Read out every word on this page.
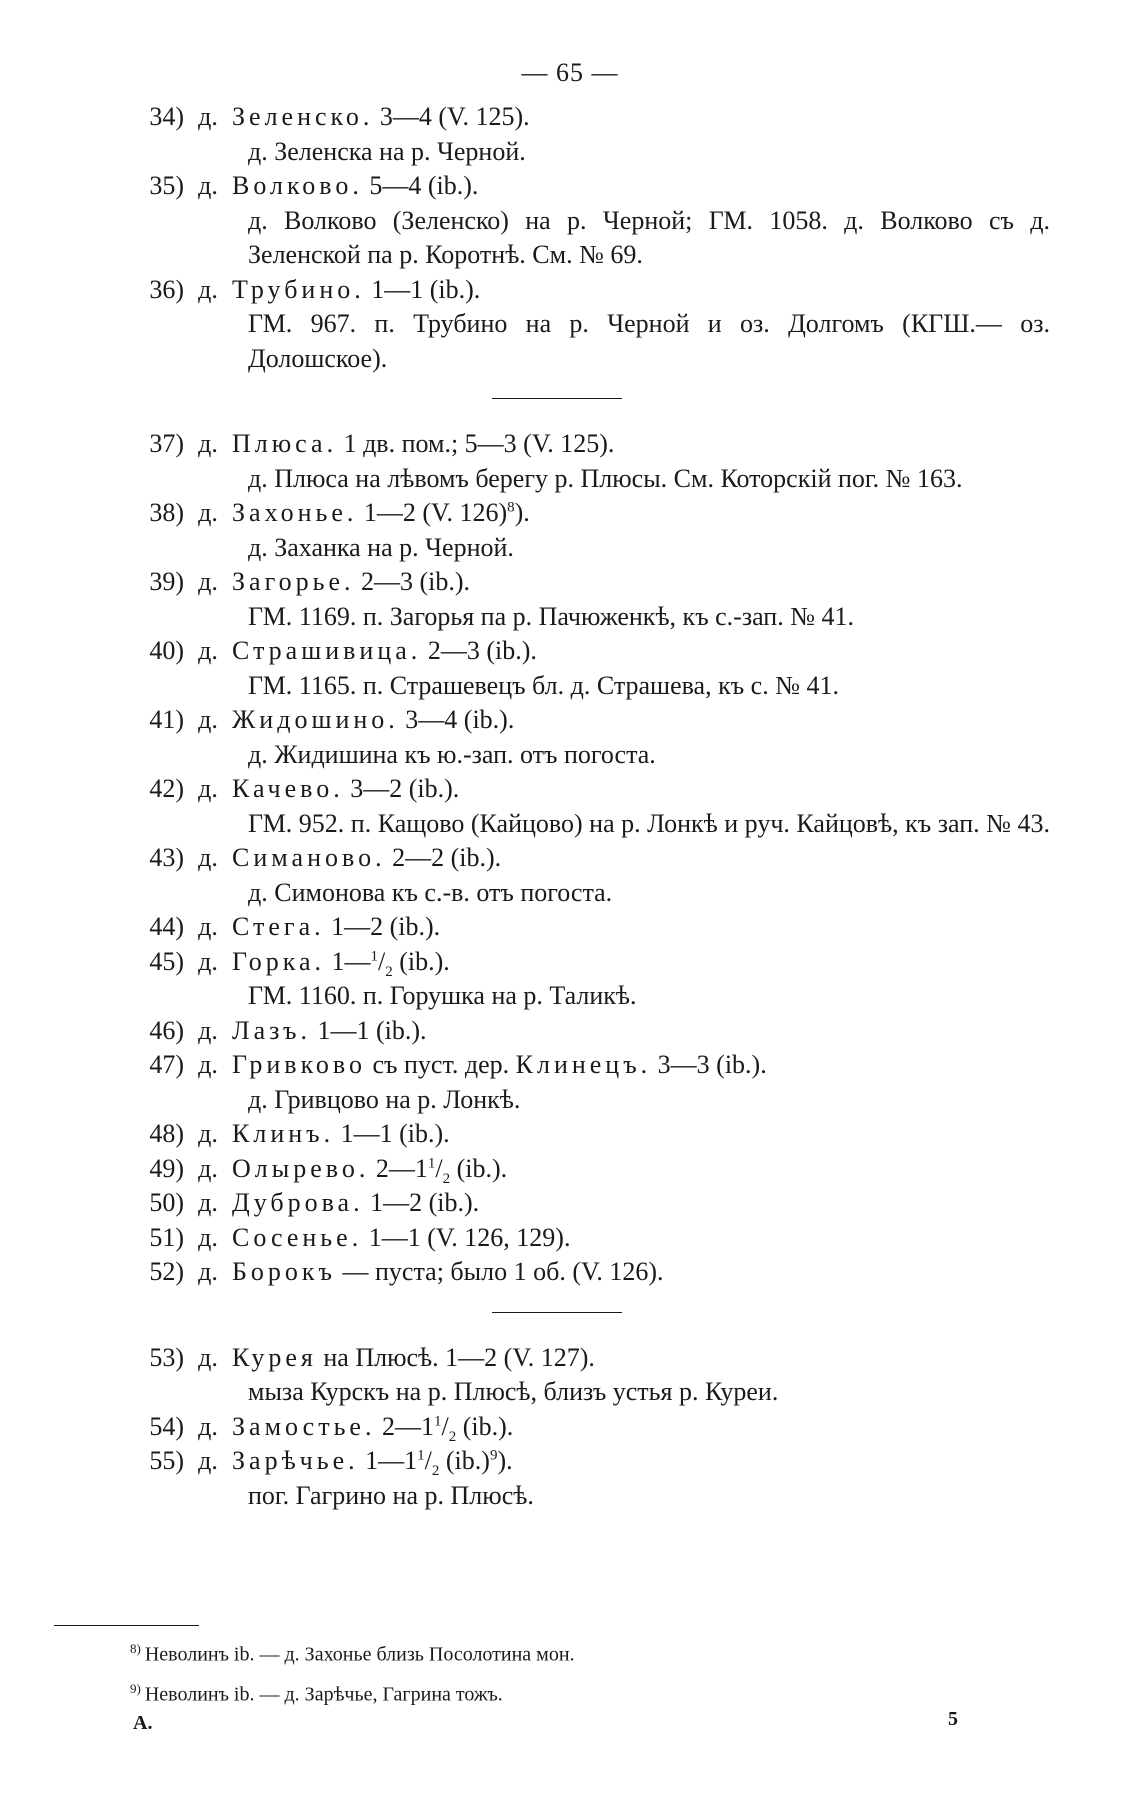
— 65 —
34) д. Зеленско. 3—4 (V. 125).
д. Зеленска на р. Черной.
35) д. Волково. 5—4 (ib.).
д. Волково (Зеленско) на р. Черной; ГМ. 1058. д. Волково съ д. Зеленской па р. Коротнѣ. См. № 69.
36) д. Трубино. 1—1 (ib.).
ГМ. 967. п. Трубино на р. Черной и оз. Долгомъ (КГШ.— оз. Долошское).
37) д. Плюса. 1 дв. пом.; 5—3 (V. 125).
д. Плюса на лѣвомъ берегу р. Плюсы. См. Которскій пог. № 163.
38) д. Захонье. 1—2 (V. 126)$^8$).
д. Заханка на р. Черной.
39) д. Загорье. 2—3 (ib.).
ГМ. 1169. п. Загорья па р. Пачюженкѣ, къ с.-зап. № 41.
40) д. Страшивица. 2—3 (ib.).
ГМ. 1165. п. Страшевецъ бл. д. Страшева, къ с. № 41.
41) д. Жидошино. 3—4 (ib.).
д. Жидишина къ ю.-зап. отъ погоста.
42) д. Качево. 3—2 (ib.).
ГМ. 952. п. Кащово (Кайцово) на р. Лонкѣ и руч. Кайцовѣ, къ зап. № 43.
43) д. Симаново. 2—2 (ib.).
д. Симонова къ с.-в. отъ погоста.
44) д. Стега. 1—2 (ib.).
45) д. Горка. $1—^1/_2$ (ib.).
ГМ. 1160. п. Горушка на р. Таликѣ.
46) д. Лазъ. 1—1 (ib.).
47) д. Гривково съ пуст. дер. Клинецъ. 3—3 (ib.).
д. Гривцово на р. Лонкѣ.
48) д. Клинъ. 1—1 (ib.).
49) д. Олырево. $2—1^1/_2$ (ib.).
50) д. Дуброва. 1—2 (ib.).
51) д. Сосенье. 1—1 (V. 126, 129).
52) д. Борокъ — пуста; было 1 об. (V. 126).
53) д. Курея на Плюсѣ. 1—2 (V. 127).
мыза Курскъ на р. Плюсѣ, близъ устья р. Куреи.
54) д. Замостье. $2—1^1/_2$ (ib.).
55) д. Зарѣчье. $1—1^1/_2$ $(ib.)^9$).
пог. Гагрино на р. Плюсѣ.
$^{8)}$ Неволинъ ib. — д. Захонье близь Посолотина мон.
$^{9)}$ Неволинъ ib. — д. Зарѣчье, Гагрина тожъ.
А.	5
